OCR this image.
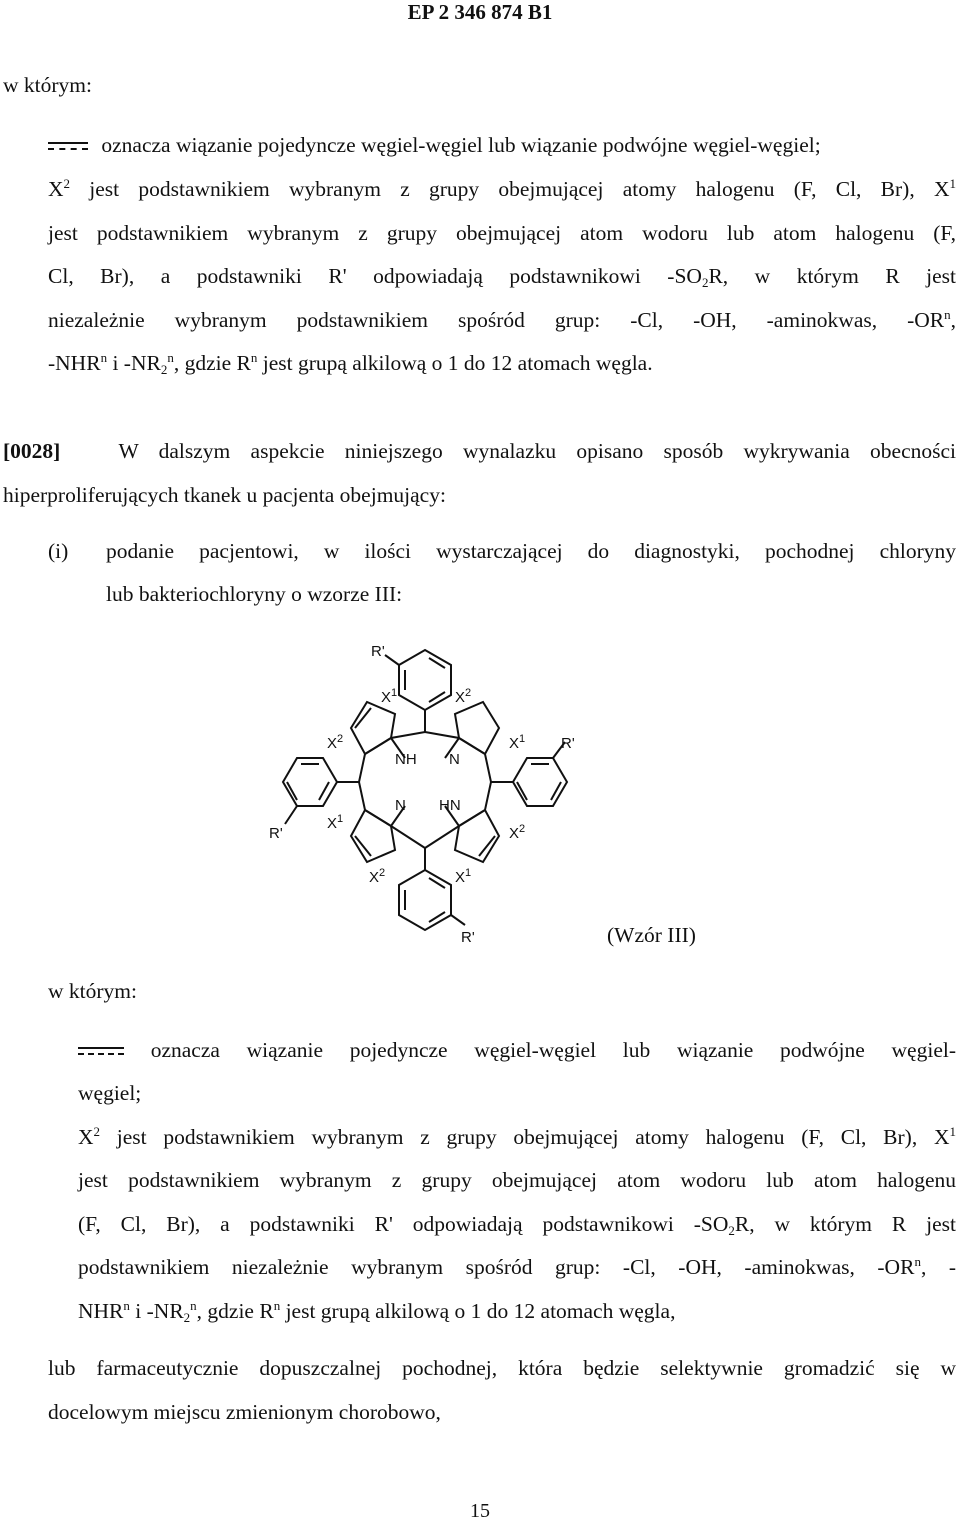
EP 2 346 874 B1
w którym:
oznacza wiązanie pojedyncze węgiel-węgiel lub wiązanie podwójne węgiel-węgiel;
$X^2$ jest podstawnikiem wybranym z grupy obejmującej atomy halogenu (F, Cl, Br), $X^1$
jest podstawnikiem wybranym z grupy obejmującej atom wodoru lub atom halogenu (F,
Cl, Br), a podstawniki R' odpowiadają podstawnikowi $-SO_2R$, w którym R jest
niezależnie wybranym podstawnikiem spośród grup: -Cl, -OH, -aminokwas, $-OR^n$,
-NHR$^n$ i $-NR_2^n$, gdzie $R^n$ jest grupą alkilową o 1 do 12 atomach węgla.
[0028]	W dalszym aspekcie niniejszego wynalazku opisano sposób wykrywania obecności
hiperproliferujących tkanek u pacjenta obejmujący:
(i) podanie pacjentowi, w ilości wystarczającej do diagnostyki, pochodnej chloryny
lub bakteriochloryny o wzorze III:
R'
$X^1$	$X^2$
$X^2$
R'
$X^1$
$X^1$ R'
$X^2$
$X^2$	$X^1$
R'
NH N
N HN
(Wzór III)
w którym:
oznacza wiązanie pojedyncze węgiel-węgiel lub wiązanie podwójne węgiel-
węgiel;
$X^2$ jest podstawnikiem wybranym z grupy obejmującej atomy halogenu (F, Cl, Br), $X^1$
jest podstawnikiem wybranym z grupy obejmującej atom wodoru lub atom halogenu
(F, Cl, Br), a podstawniki R' odpowiadają podstawnikowi $-SO_2R$, w którym R jest
podstawnikiem niezależnie wybranym spośród grup: -Cl, -OH, -aminokwas, $-OR^n$, -
NHR$^n$ i $-NR_2^n$, gdzie $R^n$ jest grupą alkilową o 1 do 12 atomach węgla,
lub farmaceutycznie dopuszczalnej pochodnej, która będzie selektywnie gromadzić się w
docelowym miejscu zmienionym chorobowo,
15
